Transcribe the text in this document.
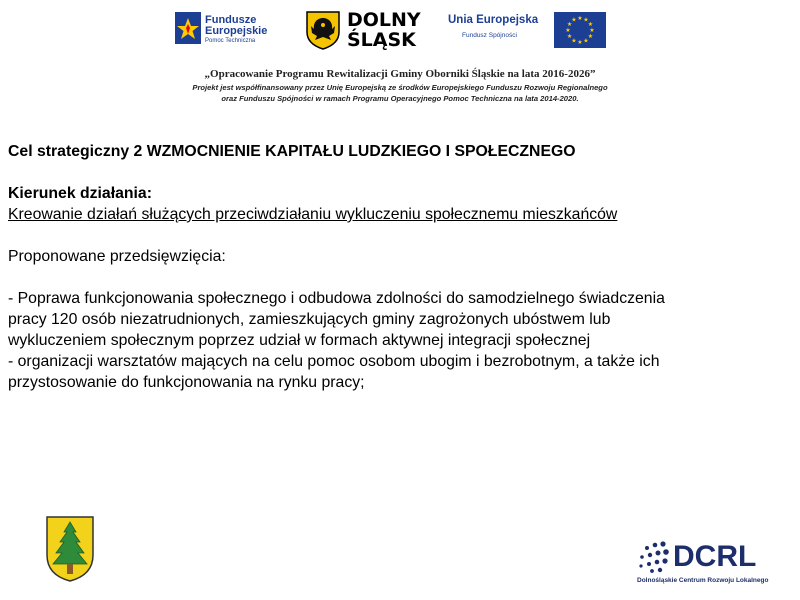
Fundusze
Europejskie
Pomoc Techniczna
DOLNY
ŚLĄSK
Unia Europejska
Fundusz Spójności
★ ★
★
★
★
★
★
★
★
★
★
★
„Opracowanie Programu Rewitalizacji Gminy Oborniki Śląskie na lata 2016-2026”
Projekt jest współfinansowany przez Unię Europejską ze środków Europejskiego Funduszu Rozwoju Regionalnego
oraz Funduszu Spójności w ramach Programu Operacyjnego Pomoc Techniczna na lata 2014-2020.

Cel strategiczny 2 WZMOCNIENIE KAPITAŁU LUDZKIEGO I SPOŁECZNEGO

Kierunek działania:

Kreowanie działań służących przeciwdziałaniu wykluczeniu społecznemu mieszkańców

Proponowane przedsięwzięcia:

- Poprawa funkcjonowania społecznego i odbudowa zdolności do samodzielnego świadczenia

pracy 120 osób niezatrudnionych, zamieszkujących gminy zagrożonych ubóstwem lub

wykluczeniem społecznym poprzez udział w formach aktywnej integracji społecznej

- organizacji warsztatów mających na celu pomoc osobom ubogim i bezrobotnym, a także ich

przystosowanie do funkcjonowania na rynku pracy;

DCRL
Dolnośląskie Centrum Rozwoju Lokalnego
